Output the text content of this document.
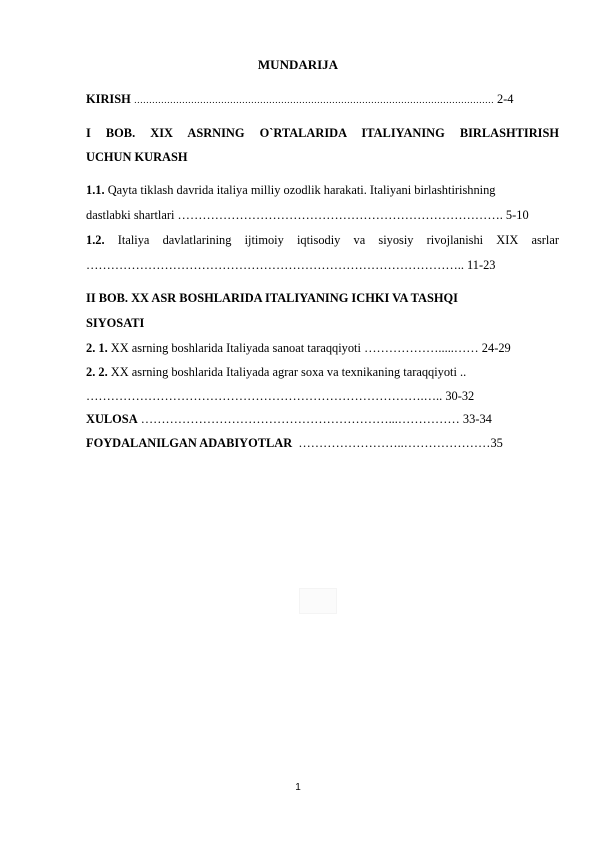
MUNDARIJA
KIRISH ………………………………………………………………………………………………………… 2-4
I BOB. XIX ASRNING O`RTALARIDA ITALIYANING BIRLASHTIRISH
UCHUN KURASH
1.1. Qayta tiklash davrida italiya milliy ozodlik harakati. Italiyani birlashtirishning
dastlabki shartlari ……………………………………………………………………. 5-10
1.2. Italiya davlatlarining ijtimoiy iqtisodiy va siyosiy rivojlanishi XIX asrlar
……………………………………………………………………………….. 11-23
II BOB. XX ASR BOSHLARIDA ITALIYANING ICHKI VA TASHQI
SIYOSATI
2. 1. XX asrning boshlarida Italiyada sanoat taraqqiyoti ……………….....…… 24-29
2. 2. XX asrning boshlarida Italiyada agrar soxa va texnikaning taraqqiyoti ..
……………………………………………………………………….….. 30-32
XULOSA ……………………………………………………...…………… 33-34
FOYDALANILGAN ADABIYOTLAR ……………………..…………………35
1
